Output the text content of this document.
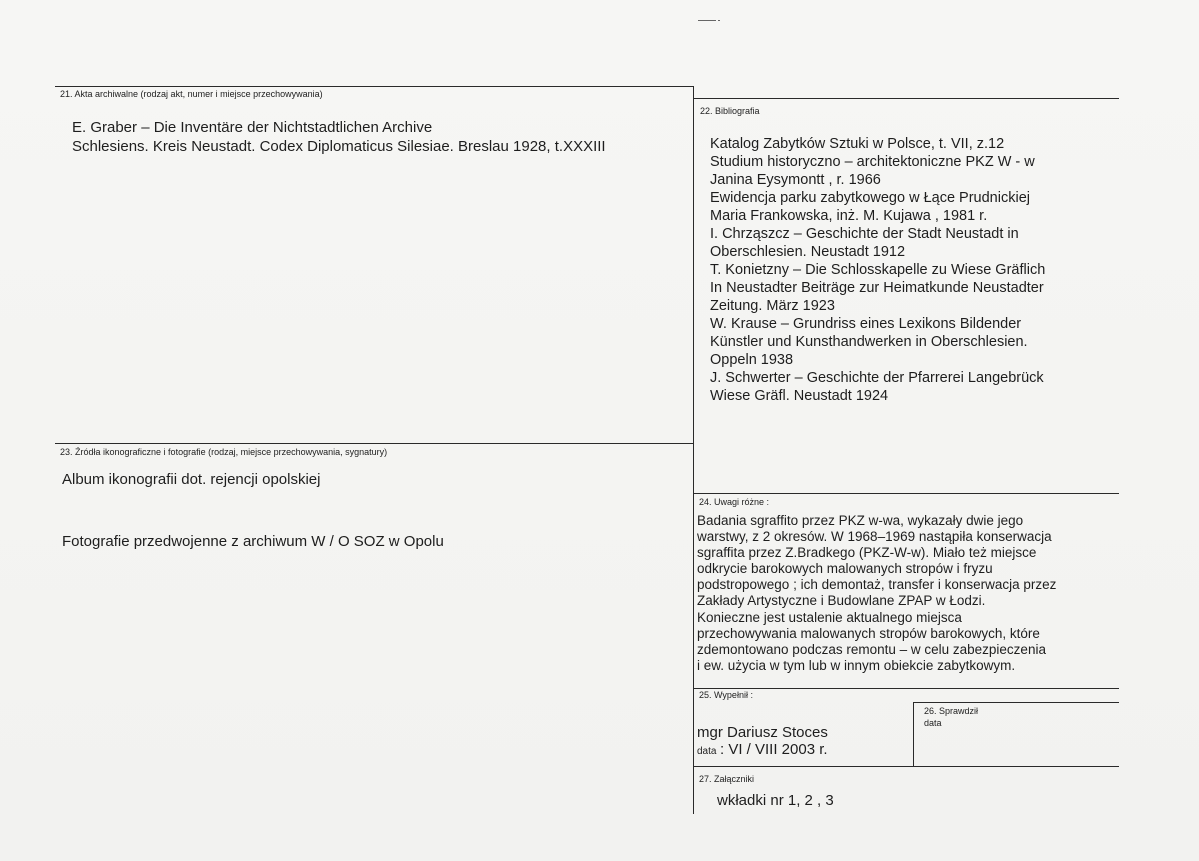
21. Akta archiwalne (rodzaj akt, numer i miejsce przechowywania)
E. Graber – Die Inventäre der Nichtstadtlichen Archive
Schlesiens. Kreis Neustadt. Codex Diplomaticus Silesiae. Breslau 1928, t.XXXIII
22. Bibliografia
Katalog Zabytków Sztuki w Polsce, t. VII, z.12
Studium historyczno – architektoniczne PKZ W - w
Janina Eysymontt , r. 1966
Ewidencja parku zabytkowego w Łące Prudnickiej
Maria Frankowska, inż. M. Kujawa , 1981 r.
I. Chrząszcz – Geschichte der Stadt Neustadt in
Oberschlesien. Neustadt 1912
T. Konietzny – Die Schlosskapelle zu Wiese Gräflich
In Neustadter Beiträge zur Heimatkunde Neustadter
Zeitung. März 1923
W. Krause – Grundriss eines Lexikons Bildender
Künstler und Kunsthandwerken in Oberschlesien.
Oppeln 1938
J. Schwerter – Geschichte der Pfarrerei Langebrück
Wiese Gräfl. Neustadt 1924
23. Źródła ikonograficzne i fotografie (rodzaj, miejsce przechowywania, sygnatury)
Album ikonografii dot. rejencji opolskiej
Fotografie przedwojenne z archiwum W / O SOZ w Opolu
24. Uwagi różne :
Badania sgraffito przez PKZ w-wa, wykazały dwie jego
warstwy, z 2 okresów. W 1968–1969 nastąpiła konserwacja
sgraffita przez Z.Bradkego (PKZ-W-w). Miało też miejsce
odkrycie barokowych malowanych stropów i fryzu
podstropowego ; ich demontaż, transfer i konserwacja przez
Zakłady Artystyczne i Budowlane ZPAP w Łodzi.
Konieczne jest ustalenie aktualnego miejsca
przechowywania malowanych stropów barokowych, które
zdemontowano podczas remontu – w celu zabezpieczenia
i ew. użycia w tym lub w innym obiekcie zabytkowym.
25. Wypełnił :
mgr Dariusz Stoces
data : VI / VIII 2003 r.
26. Sprawdził
data
27. Załączniki
wkładki nr 1, 2 , 3
